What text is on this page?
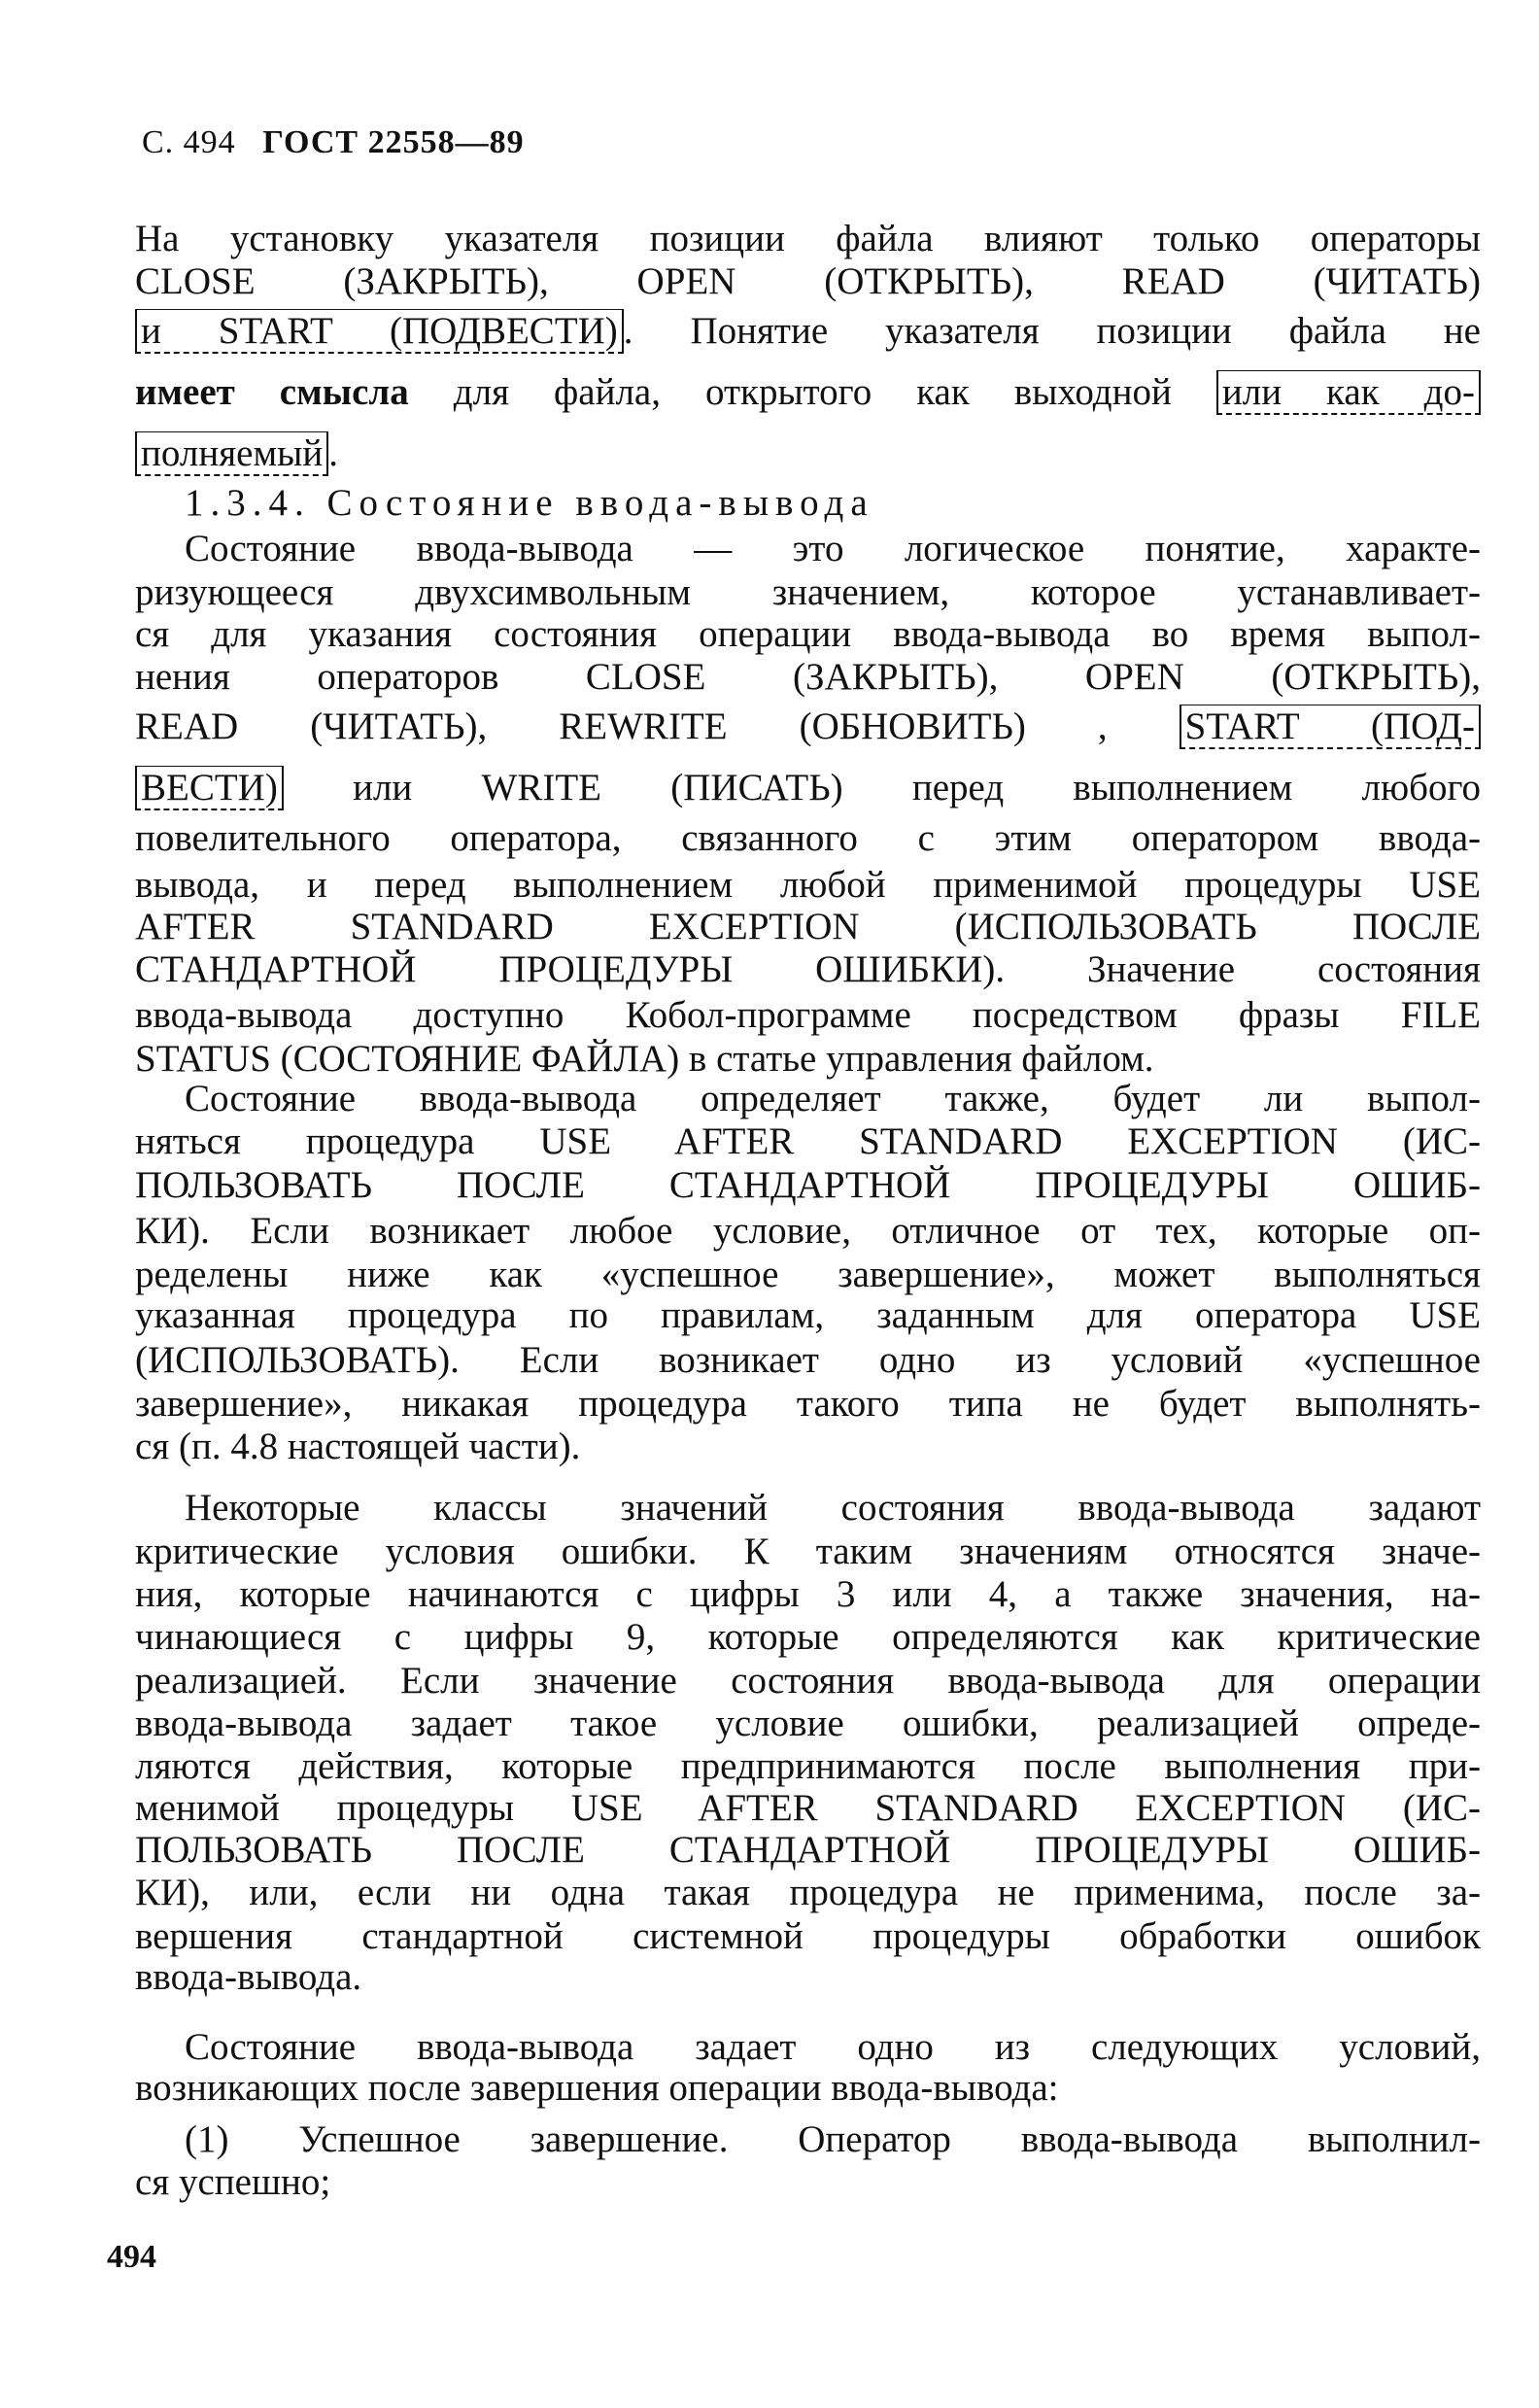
С. 494 ГОСТ 22558—89
На установку указателя позиции файла влияют только операторы
CLOSE (ЗАКРЫТЬ), OPEN (ОТКРЫТЬ), READ (ЧИТАТЬ)
и START (ПОДВЕСТИ) . Понятие указателя позиции файла не
имеет смысла для файла, открытого как выходной или как до-
полняемый .
1.3.4. Состояние ввода-вывода
Состояние ввода-вывода — это логическое понятие, характе-
ризующееся двухсимвольным значением, которое устанавливает-
ся для указания состояния операции ввода-вывода во время выпол-
нения операторов CLOSE (ЗАКРЫТЬ), OPEN (ОТКРЫТЬ),
READ (ЧИТАТЬ), REWRITE (ОБНОВИТЬ) , START (ПОД-
ВЕСТИ) или WRITE (ПИСАТЬ) перед выполнением любого
повелительного оператора, связанного с этим оператором ввода-
вывода, и перед выполнением любой применимой процедуры USE
AFTER STANDARD EXCEPTION (ИСПОЛЬЗОВАТЬ ПОСЛЕ
СТАНДАРТНОЙ ПРОЦЕДУРЫ ОШИБКИ). Значение состояния
ввода-вывода доступно Кобол-программе посредством фразы FILE
STATUS (СОСТОЯНИЕ ФАЙЛА) в статье управления файлом.
Состояние ввода-вывода определяет также, будет ли выпол-
няться процедура USE AFTER STANDARD EXCEPTION (ИС-
ПОЛЬЗОВАТЬ ПОСЛЕ СТАНДАРТНОЙ ПРОЦЕДУРЫ ОШИБ-
КИ). Если возникает любое условие, отличное от тех, которые оп-
ределены ниже как «успешное завершение», может выполняться
указанная процедура по правилам, заданным для оператора USE
(ИСПОЛЬЗОВАТЬ). Если возникает одно из условий «успешное
завершение», никакая процедура такого типа не будет выполнять-
ся (п. 4.8 настоящей части).
Некоторые классы значений состояния ввода-вывода задают
критические условия ошибки. К таким значениям относятся значе-
ния, которые начинаются с цифры 3 или 4, а также значения, на-
чинающиеся с цифры 9, которые определяются как критические
реализацией. Если значение состояния ввода-вывода для операции
ввода-вывода задает такое условие ошибки, реализацией опреде-
ляются действия, которые предпринимаются после выполнения при-
менимой процедуры USE AFTER STANDARD EXCEPTION (ИС-
ПОЛЬЗОВАТЬ ПОСЛЕ СТАНДАРТНОЙ ПРОЦЕДУРЫ ОШИБ-
КИ), или, если ни одна такая процедура не применима, после за-
вершения стандартной системной процедуры обработки ошибок
ввода-вывода.
Состояние ввода-вывода задает одно из следующих условий,
возникающих после завершения операции ввода-вывода:
(1) Успешное завершение. Оператор ввода-вывода выполнил-
ся успешно;
494
